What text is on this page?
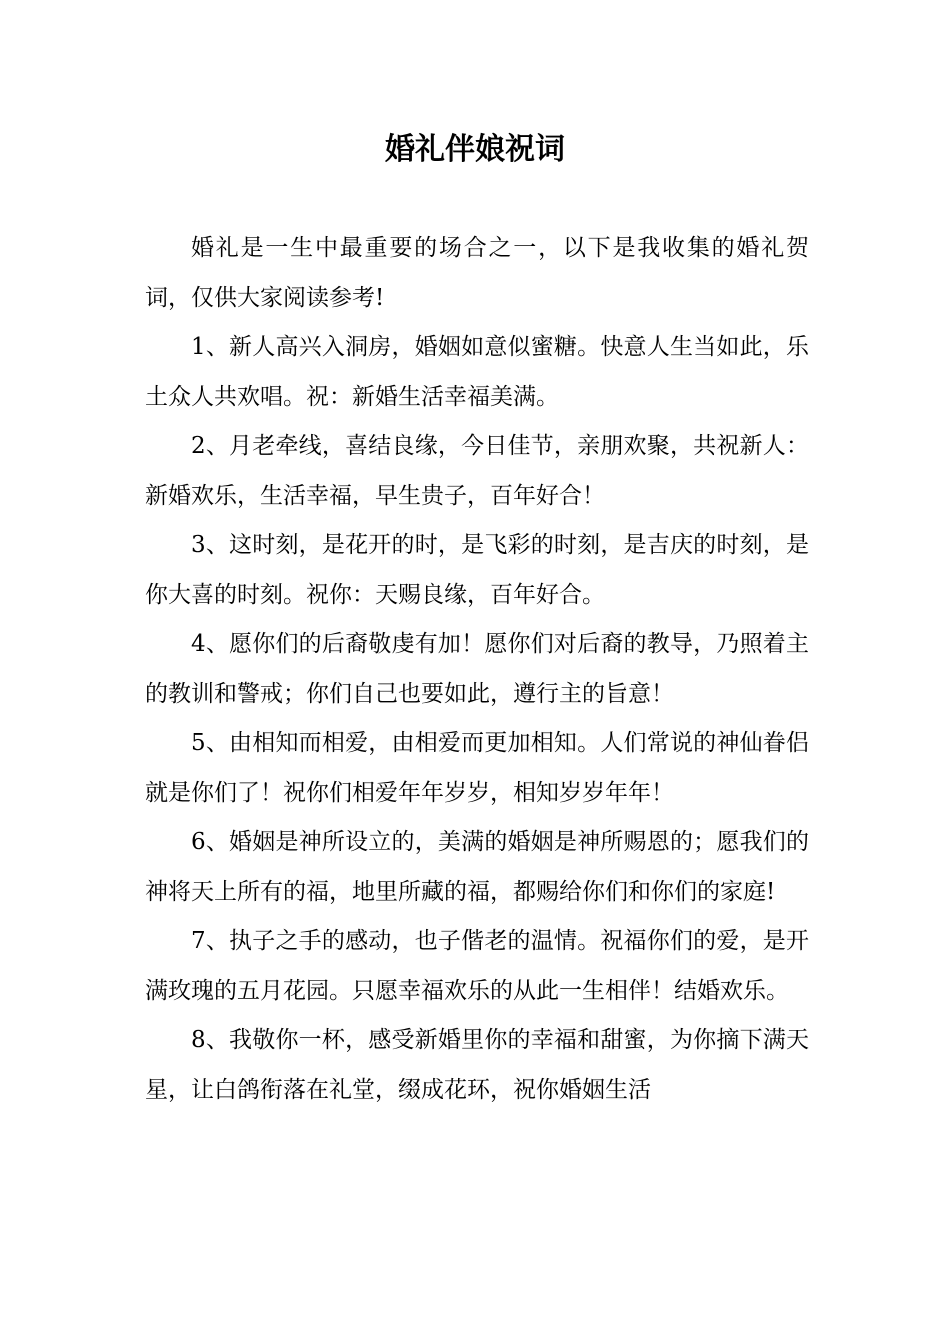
婚礼伴娘祝词

婚礼是一生中最重要的场合之一，以下是我收集的婚礼贺词，仅供大家阅读参考!

1、新人高兴入洞房，婚姻如意似蜜糖。快意人生当如此，乐土众人共欢唱。祝：新婚生活幸福美满。

2、月老牵线，喜结良缘，今日佳节，亲朋欢聚，共祝新人：新婚欢乐，生活幸福，早生贵子，百年好合！

3、这时刻，是花开的时，是飞彩的时刻，是吉庆的时刻，是你大喜的时刻。祝你：天赐良缘，百年好合。

4、愿你们的后裔敬虔有加！愿你们对后裔的教导，乃照着主的教训和警戒；你们自己也要如此，遵行主的旨意！

5、由相知而相爱，由相爱而更加相知。人们常说的神仙眷侣就是你们了！祝你们相爱年年岁岁，相知岁岁年年！

6、婚姻是神所设立的，美满的婚姻是神所赐恩的；愿我们的神将天上所有的福，地里所藏的福，都赐给你们和你们的家庭!

7、执子之手的感动，也子偕老的温情。祝福你们的爱，是开满玫瑰的五月花园。只愿幸福欢乐的从此一生相伴！结婚欢乐。

8、我敬你一杯，感受新婚里你的幸福和甜蜜，为你摘下满天星，让白鸽衔落在礼堂，缀成花环，祝你婚姻生活
